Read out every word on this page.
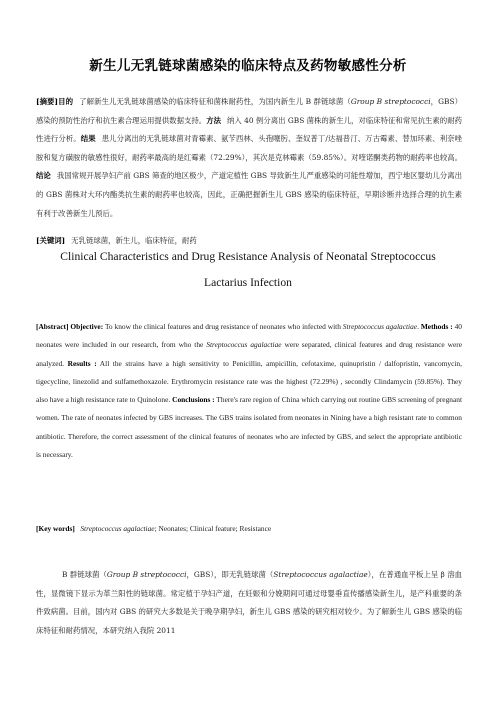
新生儿无乳链球菌感染的临床特点及药物敏感性分析
[摘要]目的 了解新生儿无乳链球菌感染的临床特征和菌株耐药性，为国内新生儿 B 群链球菌（Group B streptococci，GBS）感染的预防性治疗和抗生素合理运用提供数据支持。方法 纳入 40 例分离出 GBS 菌株的新生儿，对临床特征和常见抗生素的耐药性进行分析。结果 患儿分离出的无乳链球菌对青霉素、氨苄西林、头孢噻肟、奎奴普丁/达福普汀、万古霉素、替加环素、利奈唑胺和复方磺胺的敏感性很好，耐药率最高的是红霉素（72.29%），其次是克林霉素（59.85%）。对喹诺酮类药物的耐药率也较高。结论 我国常规开展孕妇产前 GBS 筛查的地区极少，产道定植性 GBS 导致新生儿严重感染的可能性增加，西宁地区婴幼儿分离出的 GBS 菌株对大环内酯类抗生素的耐药率也较高，因此，正确把握新生儿 GBS 感染的临床特征，早期诊断并选择合理的抗生素有利于改善新生儿预后。
[关键词] 无乳链球菌，新生儿，临床特征，耐药
Clinical Characteristics and Drug Resistance Analysis of Neonatal Streptococcus
Lactarius Infection
[Abstract] Objective: To know the clinical features and drug resistance of neonates who infected with Streptococcus agalactiae. Methods : 40 neonates were included in our research, from who the Streptococcus agalactiae were separated, clinical features and drug resistance were analyzed. Results : All the strains have a high sensitivity to Penicillin, ampicillin, cefotaxime, quinupristin / dalfopristin, vancomycin, tigecycline, linezolid and sulfamethoxazole. Erythromycin resistance rate was the highest (72.29%) , secondly Clindamycin (59.85%). They also have a high resistance rate to Quinolone. Conclusions : There's rare region of China which carrying out routine GBS screening of pregnant women. The rate of neonates infected by GBS increases. The GBS trains isolated from neonates in Nining have a high resistant rate to common antibiotic. Therefore, the correct assessment of the clinical features of neonates who are infected by GBS, and select the appropriate antibiotic is necessary.
[Key words] Streptococcus agalactiae; Neonates; Clinical feature; Resistance
B 群链球菌（Group B streptococci，GBS），即无乳链球菌（Streptococcus agalactiae），在普通血平板上呈 β 溶血性，显微镜下显示为革兰阳性的链球菌。常定植于孕妇产道，在妊娠和分娩期间可通过母婴垂直传播感染新生儿，是产科重要的条件致病菌。目前，国内对 GBS 的研究大多数是关于晚孕期孕妇，新生儿 GBS 感染的研究相对较少。为了解新生儿 GBS 感染的临床特征和耐药情况，本研究纳入我院 2011
